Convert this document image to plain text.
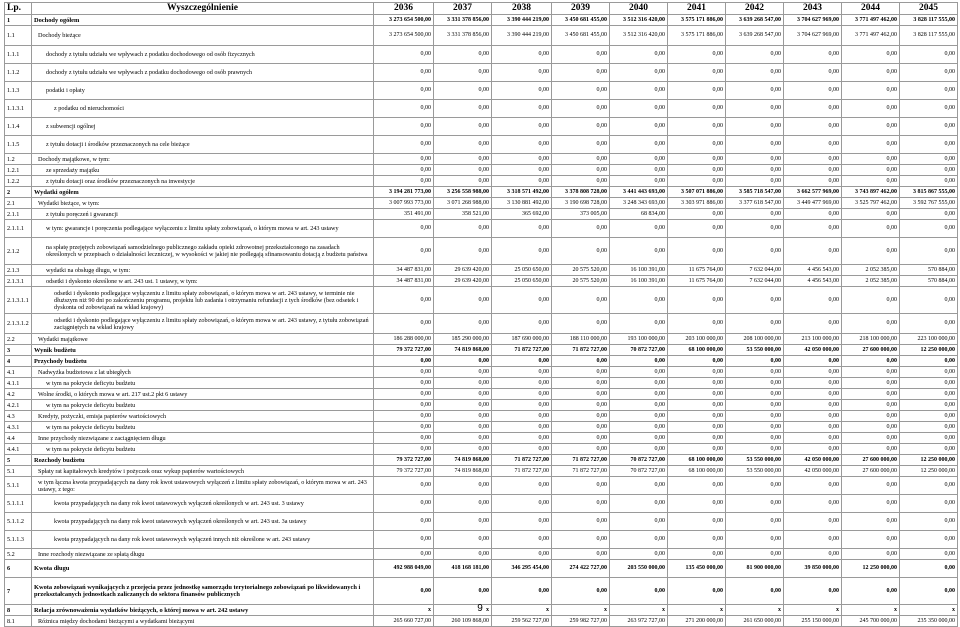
Lp.	Wyszczególnienie	2036	2037	2038	2039	2040	2041	2042	2043	2044	2045
1	Dochody ogółem	3 273 654 500,00	3 331 378 856,00	3 390 444 219,00	3 450 681 455,00	3 512 316 420,00	3 575 171 886,00	3 639 268 547,00	3 704 627 969,00	3 771 497 462,00	3 828 117 555,00
1.1	Dochody bieżące	3 273 654 500,00	3 331 378 856,00	3 390 444 219,00	3 450 681 455,00	3 512 316 420,00	3 575 171 886,00	3 639 268 547,00	3 704 627 969,00	3 771 497 462,00	3 828 117 555,00
1.1.1	dochody z tytułu udziału we wpływach z podatku dochodowego od osób fizycznych	0,00	0,00	0,00	0,00	0,00	0,00	0,00	0,00	0,00	0,00
1.1.2	dochody z tytułu udziału we wpływach z podatku dochodowego od osób prawnych	0,00	0,00	0,00	0,00	0,00	0,00	0,00	0,00	0,00	0,00
1.1.3	podatki i opłaty	0,00	0,00	0,00	0,00	0,00	0,00	0,00	0,00	0,00	0,00
1.1.3.1	z podatku od nieruchomości	0,00	0,00	0,00	0,00	0,00	0,00	0,00	0,00	0,00	0,00
1.1.4	z subwencji ogólnej	0,00	0,00	0,00	0,00	0,00	0,00	0,00	0,00	0,00	0,00
1.1.5	z tytułu dotacji i środków przeznaczonych na cele bieżące	0,00	0,00	0,00	0,00	0,00	0,00	0,00	0,00	0,00	0,00
1.2	Dochody majątkowe, w tym:	0,00	0,00	0,00	0,00	0,00	0,00	0,00	0,00	0,00	0,00
1.2.1	ze sprzedaży majątku	0,00	0,00	0,00	0,00	0,00	0,00	0,00	0,00	0,00	0,00
1.2.2	z tytułu dotacji oraz środków przeznaczonych na inwestycje	0,00	0,00	0,00	0,00	0,00	0,00	0,00	0,00	0,00	0,00
2	Wydatki ogółem	3 194 281 773,00	3 256 558 988,00	3 318 571 492,00	3 378 808 728,00	3 441 443 693,00	3 507 071 886,00	3 585 718 547,00	3 662 577 969,00	3 743 897 462,00	3 815 867 555,00
2.1	Wydatki bieżące, w tym:	3 007 993 773,00	3 071 268 988,00	3 130 881 492,00	3 190 698 728,00	3 248 343 693,00	3 303 971 886,00	3 377 618 547,00	3 449 477 969,00	3 525 797 462,00	3 592 767 555,00
2.1.1	z tytułu poręczeń i gwarancji	351 491,00	358 521,00	365 692,00	373 005,00	68 834,00	0,00	0,00	0,00	0,00	0,00
2.1.1.1	w tym: gwarancje i poręczenia podlegające wyłączeniu z limitu spłaty zobowiązań, o którym mowa w art. 243 ustawy	0,00	0,00	0,00	0,00	0,00	0,00	0,00	0,00	0,00	0,00
2.1.2	na spłatę przejętych zobowiązań samodzielnego publicznego zakładu opieki zdrowotnej przekształconego na zasadach określonych w przepisach o działalności leczniczej, w wysokości w jakiej nie podlegają sfinansowaniu dotacją z budżetu państwa	0,00	0,00	0,00	0,00	0,00	0,00	0,00	0,00	0,00	0,00
2.1.3	wydatki na obsługę długu, w tym:	34 487 831,00	29 639 420,00	25 050 650,00	20 575 520,00	16 100 391,00	11 675 764,00	7 632 044,00	4 456 543,00	2 052 385,00	570 884,00
2.1.3.1	odsetki i dyskonto określone w art. 243 ust. 1 ustawy, w tym:	34 487 831,00	29 639 420,00	25 050 650,00	20 575 520,00	16 100 391,00	11 675 764,00	7 632 044,00	4 456 543,00	2 052 385,00	570 884,00
2.1.3.1.1	odsetki i dyskonto podlegające wyłączeniu z limitu spłaty zobowiązań, o którym mowa w art. 243 ustawy, w terminie nie dłuższym niż 90 dni po zakończeniu programu, projektu lub zadania i otrzymaniu refundacji z tych środków (bez odsetek i dyskonta od zobowiązań na wkład krajowy)	0,00	0,00	0,00	0,00	0,00	0,00	0,00	0,00	0,00	0,00
2.1.3.1.2	odsetki i dyskonto podlegające wyłączeniu z limitu spłaty zobowiązań, o którym mowa w art. 243 ustawy, z tytułu zobowiązań zaciągniętych na wkład krajowy	0,00	0,00	0,00	0,00	0,00	0,00	0,00	0,00	0,00	0,00
2.2	Wydatki majątkowe	186 288 000,00	185 290 000,00	187 690 000,00	188 110 000,00	193 100 000,00	203 100 000,00	208 100 000,00	213 100 000,00	218 100 000,00	223 100 000,00
3	Wynik budżetu	79 372 727,00	74 819 868,00	71 872 727,00	71 872 727,00	70 872 727,00	68 100 000,00	53 550 000,00	42 050 000,00	27 600 000,00	12 250 000,00
4	Przychody budżetu	0,00	0,00	0,00	0,00	0,00	0,00	0,00	0,00	0,00	0,00
4.1	Nadwyżka budżetowa z lat ubiegłych	0,00	0,00	0,00	0,00	0,00	0,00	0,00	0,00	0,00	0,00
4.1.1	w tym na pokrycie deficytu budżetu	0,00	0,00	0,00	0,00	0,00	0,00	0,00	0,00	0,00	0,00
4.2	Wolne środki, o których mowa w art. 217 ust.2 pkt 6 ustawy	0,00	0,00	0,00	0,00	0,00	0,00	0,00	0,00	0,00	0,00
4.2.1	w tym na pokrycie deficytu budżetu	0,00	0,00	0,00	0,00	0,00	0,00	0,00	0,00	0,00	0,00
4.3	Kredyty, pożyczki, emisja papierów wartościowych	0,00	0,00	0,00	0,00	0,00	0,00	0,00	0,00	0,00	0,00
4.3.1	w tym na pokrycie deficytu budżetu	0,00	0,00	0,00	0,00	0,00	0,00	0,00	0,00	0,00	0,00
4.4	Inne przychody niezwiązane z zaciągnięciem długu	0,00	0,00	0,00	0,00	0,00	0,00	0,00	0,00	0,00	0,00
4.4.1	w tym na pokrycie deficytu budżetu	0,00	0,00	0,00	0,00	0,00	0,00	0,00	0,00	0,00	0,00
5	Rozchody budżetu	79 372 727,00	74 819 868,00	71 872 727,00	71 872 727,00	70 872 727,00	68 100 000,00	53 550 000,00	42 050 000,00	27 600 000,00	12 250 000,00
5.1	Spłaty rat kapitałowych kredytów i pożyczek oraz wykup papierów wartościowych	79 372 727,00	74 819 868,00	71 872 727,00	71 872 727,00	70 872 727,00	68 100 000,00	53 550 000,00	42 050 000,00	27 600 000,00	12 250 000,00
5.1.1	w tym łączna kwota przypadających na dany rok kwot ustawowych wyłączeń z limitu spłaty zobowiązań, o którym mowa w art. 243 ustawy, z tego:	0,00	0,00	0,00	0,00	0,00	0,00	0,00	0,00	0,00	0,00
5.1.1.1	kwota przypadających na dany rok kwot ustawowych wyłączeń określonych w art. 243 ust. 3 ustawy	0,00	0,00	0,00	0,00	0,00	0,00	0,00	0,00	0,00	0,00
5.1.1.2	kwota przypadających na dany rok kwot ustawowych wyłączeń określonych w art. 243 ust. 3a ustawy	0,00	0,00	0,00	0,00	0,00	0,00	0,00	0,00	0,00	0,00
5.1.1.3	kwota przypadających na dany rok kwot ustawowych wyłączeń innych niż określone w art. 243 ustawy	0,00	0,00	0,00	0,00	0,00	0,00	0,00	0,00	0,00	0,00
5.2	Inne rozchody niezwiązane ze spłatą długu	0,00	0,00	0,00	0,00	0,00	0,00	0,00	0,00	0,00	0,00
6	Kwota długu	492 988 049,00	418 168 181,00	346 295 454,00	274 422 727,00	203 550 000,00	135 450 000,00	81 900 000,00	39 850 000,00	12 250 000,00	0,00
7	Kwota zobowiązań wynikających z przejęcia przez jednostkę samorządu terytorialnego zobowiązań po likwidowanych i przekształcanych jednostkach zaliczanych do sektora finansów publicznych	0,00	0,00	0,00	0,00	0,00	0,00	0,00	0,00	0,00	0,00
8	Relacja zrównoważenia wydatków bieżących, o której mowa w art. 242 ustawy	x	x	x	x	x	x	x	x	x	x
8.1	Różnica między dochodami bieżącymi a wydatkami bieżącymi	265 660 727,00	260 109 868,00	259 562 727,00	259 982 727,00	263 972 727,00	271 200 000,00	261 650 000,00	255 150 000,00	245 700 000,00	235 350 000,00
9
